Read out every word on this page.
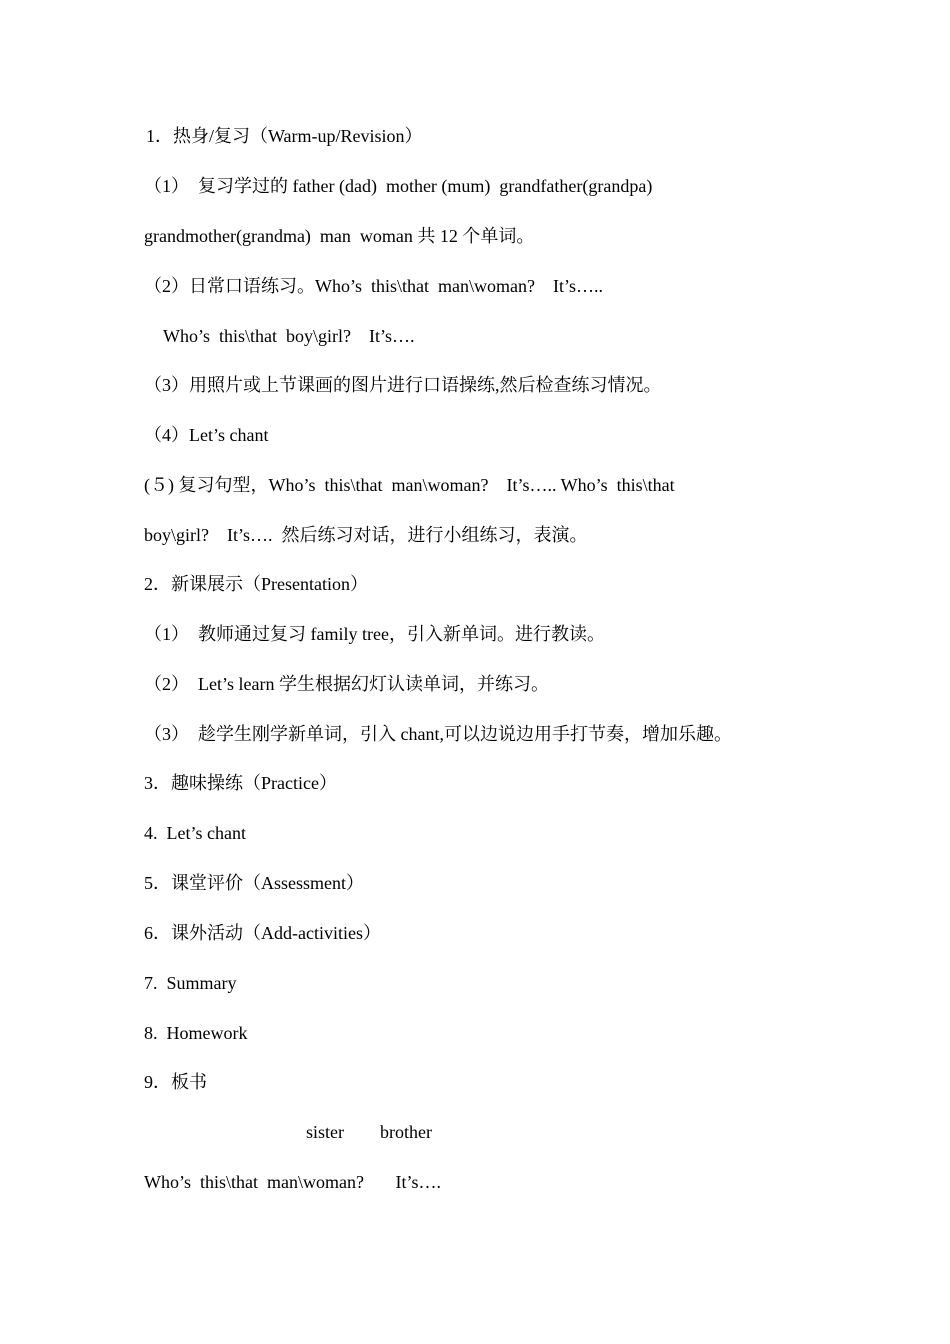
1．热身/复习（Warm-up/Revision）
（1）  复习学过的 father (dad)  mother (mum)  grandfather(grandpa)
grandmother(grandma)  man  woman 共 12 个单词。
（2）日常口语练习。Who’s  this\that  man\woman?    It’s…..
Who’s  this\that  boy\girl?    It’s….
（3）用照片或上节课画的图片进行口语操练,然后检查练习情况。
（4）Let’s chant
(５) 复习句型，Who’s  this\that  man\woman?    It’s….. Who’s  this\that
boy\girl?    It’s….  然后练习对话，进行小组练习，表演。
2．新课展示（Presentation）
（1）  教师通过复习 family tree，引入新单词。进行教读。
（2）  Let’s learn 学生根据幻灯认读单词，并练习。
（3）  趁学生刚学新单词，引入 chant,可以边说边用手打节奏，增加乐趣。
3．趣味操练（Practice）
4.  Let’s chant
5．课堂评价（Assessment）
6．课外活动（Add-activities）
7.  Summary
8.  Homework
9．板书
sister        brother
Who’s  this\that  man\woman?       It’s….
